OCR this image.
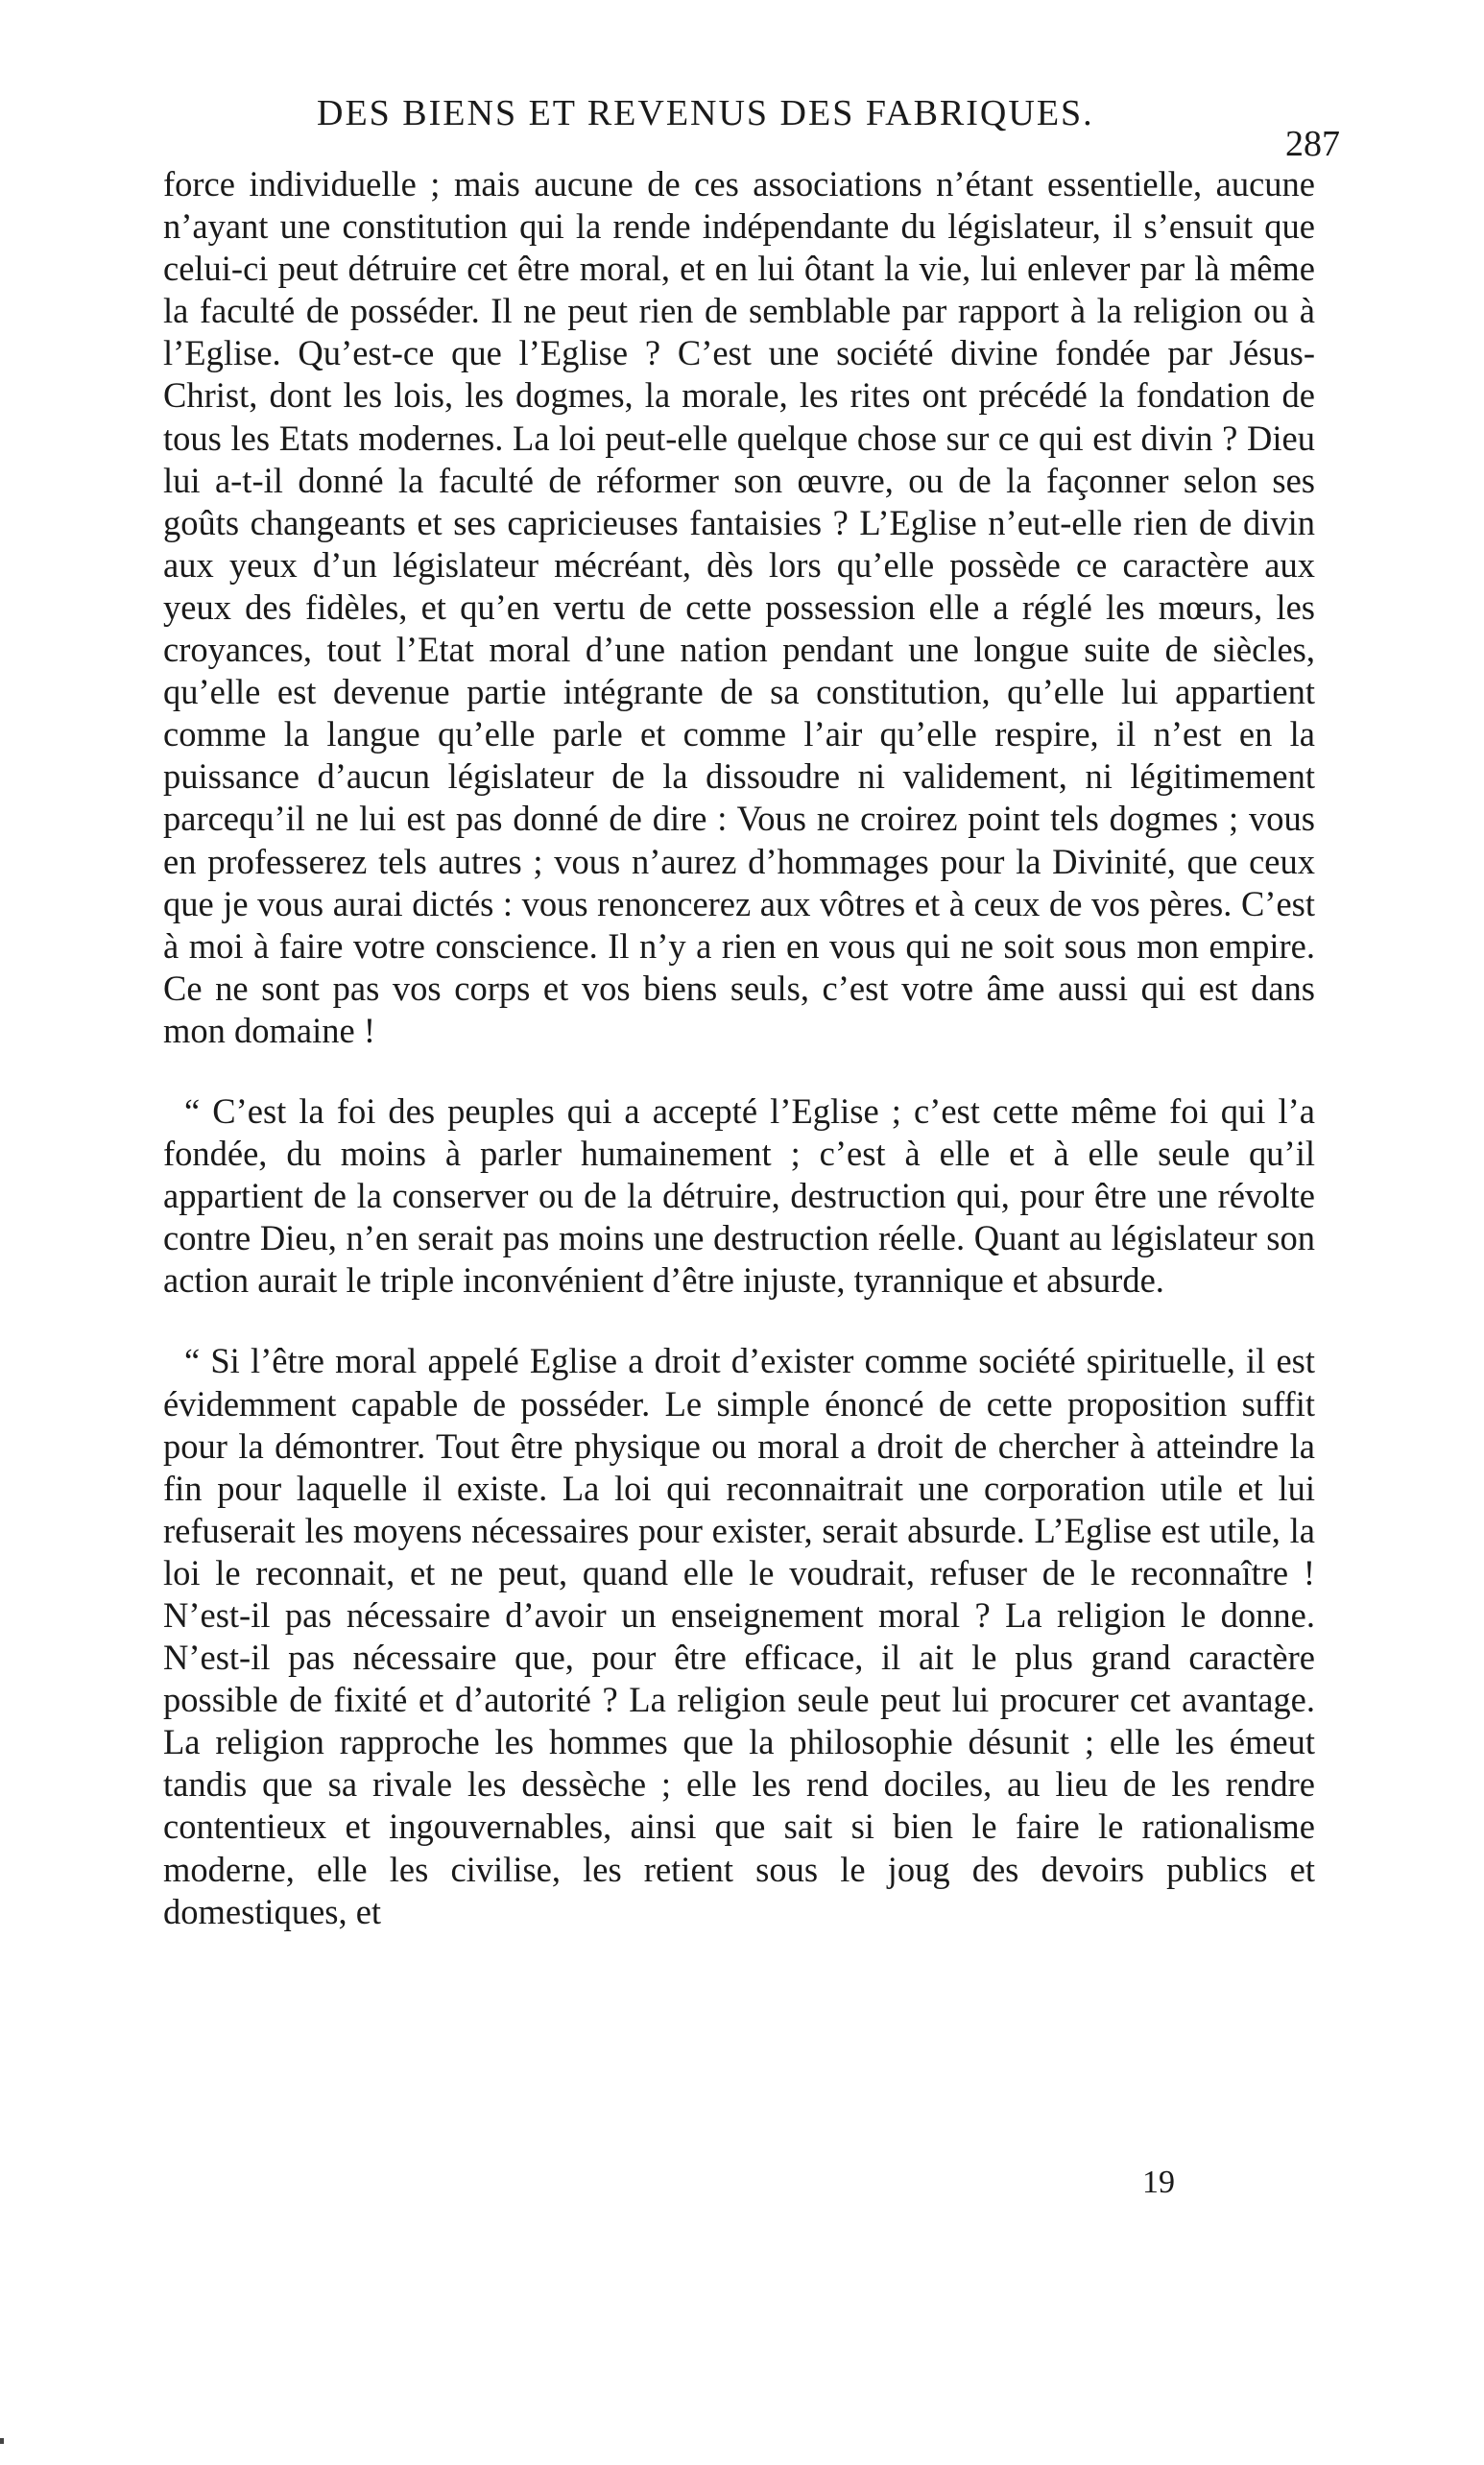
DES BIENS ET REVENUS DES FABRIQUES.
287

force individuelle ; mais aucune de ces associations n’étant essentielle, aucune n’ayant une constitution qui la rende indépendante du législateur, il s’ensuit que celui-ci peut détruire cet être moral, et en lui ôtant la vie, lui enlever par là même la faculté de posséder. Il ne peut rien de semblable par rapport à la religion ou à l’Eglise. Qu’est-ce que l’Eglise ? C’est une société divine fondée par Jésus-Christ, dont les lois, les dogmes, la morale, les rites ont précédé la fondation de tous les Etats modernes. La loi peut-elle quelque chose sur ce qui est divin ? Dieu lui a-t-il donné la faculté de réformer son œuvre, ou de la façonner selon ses goûts changeants et ses capricieuses fantaisies ? L’Eglise n’eut-elle rien de divin aux yeux d’un législateur mécréant, dès lors qu’elle possède ce caractère aux yeux des fidèles, et qu’en vertu de cette possession elle a réglé les mœurs, les croyances, tout l’Etat moral d’une nation pendant une longue suite de siècles, qu’elle est devenue partie intégrante de sa constitution, qu’elle lui appartient comme la langue qu’elle parle et comme l’air qu’elle respire, il n’est en la puissance d’aucun législateur de la dissoudre ni validement, ni légitimement parcequ’il ne lui est pas donné de dire : Vous ne croirez point tels dogmes ; vous en professerez tels autres ; vous n’aurez d’hommages pour la Divinité, que ceux que je vous aurai dictés : vous renoncerez aux vôtres et à ceux de vos pères. C’est à moi à faire votre conscience. Il n’y a rien en vous qui ne soit sous mon empire. Ce ne sont pas vos corps et vos biens seuls, c’est votre âme aussi qui est dans mon domaine !

“ C’est la foi des peuples qui a accepté l’Eglise ; c’est cette même foi qui l’a fondée, du moins à parler humainement ; c’est à elle et à elle seule qu’il appartient de la conserver ou de la détruire, destruction qui, pour être une révolte contre Dieu, n’en serait pas moins une destruction réelle. Quant au législateur son action aurait le triple inconvénient d’être injuste, tyrannique et absurde.

“ Si l’être moral appelé Eglise a droit d’exister comme société spirituelle, il est évidemment capable de posséder. Le simple énoncé de cette proposition suffit pour la démontrer. Tout être physique ou moral a droit de chercher à atteindre la fin pour laquelle il existe. La loi qui reconnaitrait une corporation utile et lui refuserait les moyens nécessaires pour exister, serait absurde. L’Eglise est utile, la loi le reconnait, et ne peut, quand elle le voudrait, refuser de le reconnaître ! N’est-il pas nécessaire d’avoir un enseignement moral ? La religion le donne. N’est-il pas nécessaire que, pour être efficace, il ait le plus grand caractère possible de fixité et d’autorité ? La religion seule peut lui procurer cet avantage. La religion rapproche les hommes que la philosophie désunit ; elle les émeut tandis que sa rivale les dessèche ; elle les rend dociles, au lieu de les rendre contentieux et ingouvernables, ainsi que sait si bien le faire le rationalisme moderne, elle les civilise, les retient sous le joug des devoirs publics et domestiques, et

19
